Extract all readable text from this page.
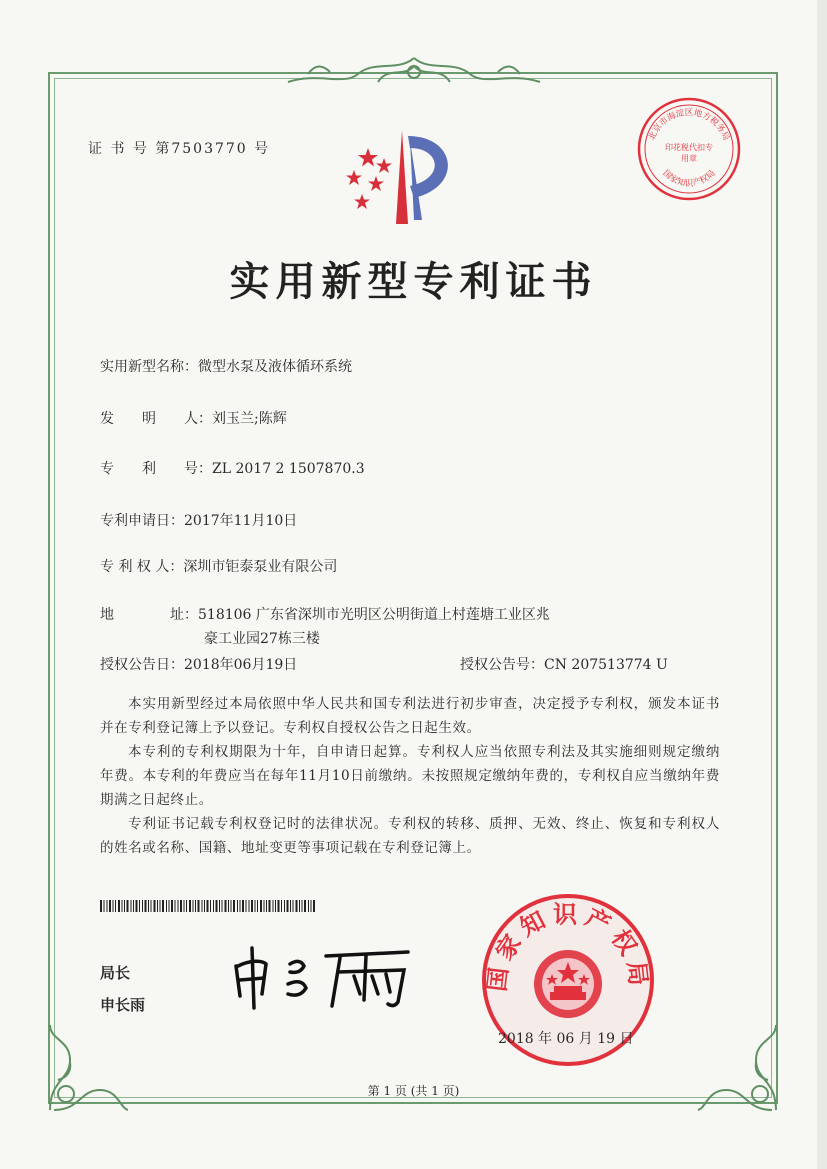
证 书 号 第7503770 号
北京市海淀区地方税务局
国家知识产权局
印花税代扣专用章
实用新型专利证书
实用新型名称：微型水泵及液体循环系统
发　　明　　人：刘玉兰;陈辉
专　　利　　号：ZL 2017 2 1507870.3
专利申请日：2017年11月10日
专 利 权 人：深圳市钜泰泵业有限公司
地　　　　址：518106 广东省深圳市光明区公明街道上村莲塘工业区兆
豪工业园27栋三楼
授权公告日：2018年06月19日	授权公告号：CN 207513774 U
本实用新型经过本局依照中华人民共和国专利法进行初步审查，决定授予专利权，颁发本证书并在专利登记簿上予以登记。专利权自授权公告之日起生效。
本专利的专利权期限为十年，自申请日起算。专利权人应当依照专利法及其实施细则规定缴纳年费。本专利的年费应当在每年11月10日前缴纳。未按照规定缴纳年费的，专利权自应当缴纳年费期满之日起终止。
专利证书记载专利权登记时的法律状况。专利权的转移、质押、无效、终止、恢复和专利权人的姓名或名称、国籍、地址变更等事项记载在专利登记簿上。
局长
申长雨
国家知识产权局
2018 年 06 月 19 日
第 1 页 (共 1 页)
